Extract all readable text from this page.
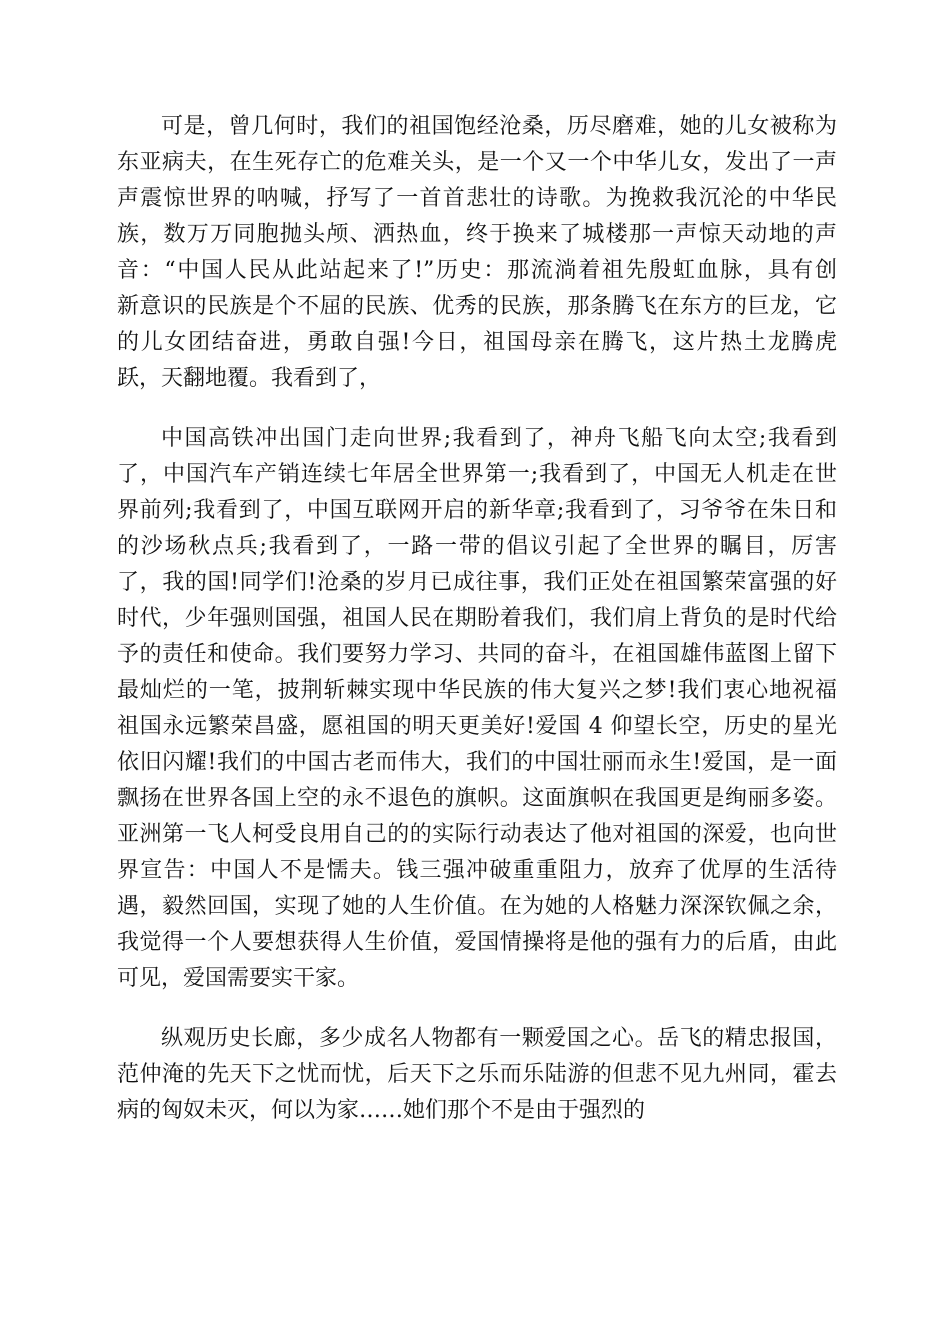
可是，曾几何时，我们的祖国饱经沧桑，历尽磨难，她的儿女被称为
东亚病夫，在生死存亡的危难关头，是一个又一个中华儿女，发出了一声
声震惊世界的呐喊，抒写了一首首悲壮的诗歌。为挽救我沉沦的中华民
族，数万万同胞抛头颅、洒热血，终于换来了城楼那一声惊天动地的声
音：“中国人民从此站起来了!”历史：那流淌着祖先殷虹血脉，具有创
新意识的民族是个不屈的民族、优秀的民族，那条腾飞在东方的巨龙，它
的儿女团结奋进，勇敢自强!今日，祖国母亲在腾飞，这片热土龙腾虎
跃，天翻地覆。我看到了，
中国高铁冲出国门走向世界;我看到了，神舟飞船飞向太空;我看到
了，中国汽车产销连续七年居全世界第一;我看到了，中国无人机走在世
界前列;我看到了，中国互联网开启的新华章;我看到了，习爷爷在朱日和
的沙场秋点兵;我看到了，一路一带的倡议引起了全世界的瞩目，厉害
了，我的国!同学们!沧桑的岁月已成往事，我们正处在祖国繁荣富强的好
时代，少年强则国强，祖国人民在期盼着我们，我们肩上背负的是时代给
予的责任和使命。我们要努力学习、共同的奋斗，在祖国雄伟蓝图上留下
最灿烂的一笔，披荆斩棘实现中华民族的伟大复兴之梦!我们衷心地祝福
祖国永远繁荣昌盛，愿祖国的明天更美好!爱国 4 仰望长空，历史的星光
依旧闪耀!我们的中国古老而伟大，我们的中国壮丽而永生!爱国，是一面
飘扬在世界各国上空的永不退色的旗帜。这面旗帜在我国更是绚丽多姿。
亚洲第一飞人柯受良用自己的的实际行动表达了他对祖国的深爱，也向世
界宣告：中国人不是懦夫。钱三强冲破重重阻力，放弃了优厚的生活待
遇，毅然回国，实现了她的人生价值。在为她的人格魅力深深钦佩之余，
我觉得一个人要想获得人生价值，爱国情操将是他的强有力的后盾，由此
可见，爱国需要实干家。
纵观历史长廊，多少成名人物都有一颗爱国之心。岳飞的精忠报国，
范仲淹的先天下之忧而忧，后天下之乐而乐陆游的但悲不见九州同，霍去
病的匈奴未灭，何以为家……她们那个不是由于强烈的
